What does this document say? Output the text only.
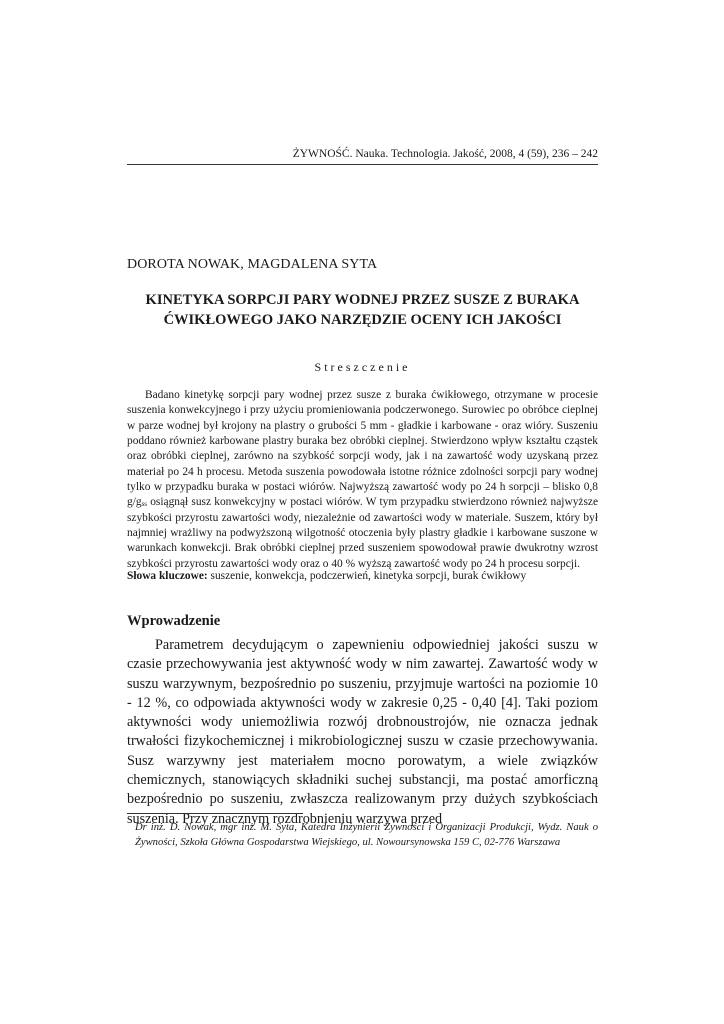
ŻYWNOŚĆ. Nauka. Technologia. Jakość, 2008, 4 (59), 236 – 242
DOROTA NOWAK, MAGDALENA SYTA
KINETYKA SORPCJI PARY WODNEJ PRZEZ SUSZE Z BURAKA ĆWIKŁOWEGO JAKO NARZĘDZIE OCENY ICH JAKOŚCI
Streszczenie

Badano kinetykę sorpcji pary wodnej przez susze z buraka ćwikłowego, otrzymane w procesie suszenia konwekcyjnego i przy użyciu promieniowania podczerwonego. Surowiec po obróbce cieplnej w parze wodnej był krojony na plastry o grubości 5 mm - gładkie i karbowane - oraz wióry. Suszeniu poddano również karbowane plastry buraka bez obróbki cieplnej. Stwierdzono wpływ kształtu cząstek oraz obróbki cieplnej, zarówno na szybkość sorpcji wody, jak i na zawartość wody uzyskaną przez materiał po 24 h procesu. Metoda suszenia powodowała istotne różnice zdolności sorpcji pary wodnej tylko w przypadku buraka w postaci wiórów. Najwyższą zawartość wody po 24 h sorpcji – blisko 0,8 $g/g_{ss}$ osiągnął susz konwekcyjny w postaci wiórów. W tym przypadku stwierdzono również najwyższe szybkości przyrostu zawartości wody, niezależnie od zawartości wody w materiale. Suszem, który był najmniej wrażliwy na podwyższoną wilgotność otoczenia były plastry gładkie i karbowane suszone w warunkach konwekcji. Brak obróbki cieplnej przed suszeniem spowodował prawie dwukrotny wzrost szybkości przyrostu zawartości wody oraz o 40 % wyższą zawartość wody po 24 h procesu sorpcji.

Słowa kluczowe: suszenie, konwekcja, podczerwień, kinetyka sorpcji, burak ćwikłowy
Wprowadzenie

Parametrem decydującym o zapewnieniu odpowiedniej jakości suszu w czasie przechowywania jest aktywność wody w nim zawartej. Zawartość wody w suszu warzywnym, bezpośrednio po suszeniu, przyjmuje wartości na poziomie 10 - 12 %, co odpowiada aktywności wody w zakresie 0,25 - 0,40 [4]. Taki poziom aktywności wody uniemożliwia rozwój drobnoustrojów, nie oznacza jednak trwałości fizykochemicznej i mikrobiologicznej suszu w czasie przechowywania. Susz warzywny jest materiałem mocno porowatym, a wiele związków chemicznych, stanowiących składniki suchej substancji, ma postać amorficzną bezpośrednio po suszeniu, zwłaszcza realizowanym przy dużych szybkościach suszenia. Przy znacznym rozdrobnieniu warzywa przed

Dr inż. D. Nowak, mgr inż. M. Syta, Katedra Inżynierii Żywności i Organizacji Produkcji, Wydz. Nauk o Żywności, Szkoła Główna Gospodarstwa Wiejskiego, ul. Nowoursynowska 159 C, 02-776 Warszawa
